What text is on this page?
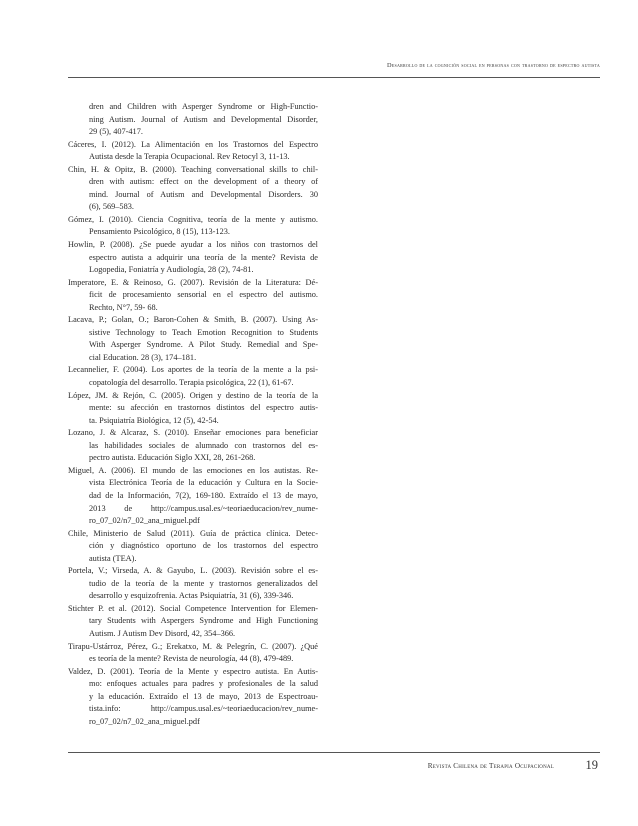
Desarrollo de la cognición social en personas con trastorno de espectro autista
dren and Children with Asperger Syndrome or High-Functio-
ning Autism. Journal of Autism and Developmental Disorder,
29 (5), 407-417.
Cáceres, I. (2012). La Alimentación en los Trastornos del Espectro
Autista desde la Terapia Ocupacional. Rev Retocyl 3, 11-13.
Chin, H. & Opitz, B. (2000). Teaching conversational skills to chil-
dren with autism: effect on the development of a theory of
mind. Journal of Autism and Developmental Disorders. 30
(6), 569–583.
Gómez, I. (2010). Ciencia Cognitiva, teoría de la mente y autismo.
Pensamiento Psicológico, 8 (15), 113-123.
Howlin, P. (2008). ¿Se puede ayudar a los niños con trastornos del
espectro autista a adquirir una teoría de la mente? Revista de
Logopedia, Foniatría y Audiología, 28 (2), 74-81.
Imperatore, E. & Reinoso, G. (2007). Revisión de la Literatura: Dé-
ficit de procesamiento sensorial en el espectro del autismo.
Rechto, N°7, 59- 68.
Lacava, P.; Golan, O.; Baron-Cohen & Smith, B. (2007). Using As-
sistive Technology to Teach Emotion Recognition to Students
With Asperger Syndrome. A Pilot Study. Remedial and Spe-
cial Education. 28 (3), 174–181.
Lecannelier, F. (2004). Los aportes de la teoría de la mente a la psi-
copatología del desarrollo. Terapia psicológica, 22 (1), 61-67.
López, JM. & Rejón, C. (2005). Origen y destino de la teoría de la
mente: su afección en trastornos distintos del espectro autis-
ta. Psiquiatría Biológica, 12 (5), 42-54.
Lozano, J. & Alcaraz, S. (2010). Enseñar emociones para beneficiar
las habilidades sociales de alumnado con trastornos del es-
pectro autista. Educación Siglo XXI, 28, 261-268.
Miguel, A. (2006). El mundo de las emociones en los autistas. Re-
vista Electrónica Teoría de la educación y Cultura en la Socie-
dad de la Información, 7(2), 169-180. Extraído el 13 de mayo,
2013 de http://campus.usal.es/~teoriaeducacion/rev_nume-
ro_07_02/n7_02_ana_miguel.pdf
Chile, Ministerio de Salud (2011). Guía de práctica clínica. Detec-
ción y diagnóstico oportuno de los trastornos del espectro
autista (TEA).
Portela, V.; Virseda, A. & Gayubo, L. (2003). Revisión sobre el es-
tudio de la teoría de la mente y trastornos generalizados del
desarrollo y esquizofrenia. Actas Psiquiatría, 31 (6), 339-346.
Stichter P. et al. (2012). Social Competence Intervention for Elemen-
tary Students with Aspergers Syndrome and High Functioning
Autism. J Autism Dev Disord, 42, 354–366.
Tirapu-Ustárroz, Pérez, G.; Erekatxo, M. & Pelegrín, C. (2007). ¿Qué
es teoría de la mente? Revista de neurología, 44 (8), 479-489.
Valdez, D. (2001). Teoría de la Mente y espectro autista. En Autis-
mo: enfoques actuales para padres y profesionales de la salud
y la educación. Extraído el 13 de mayo, 2013 de Espectroau-
tista.info: http://campus.usal.es/~teoriaeducacion/rev_nume-
ro_07_02/n7_02_ana_miguel.pdf
Revista Chilena de Terapia Ocupacional	19
